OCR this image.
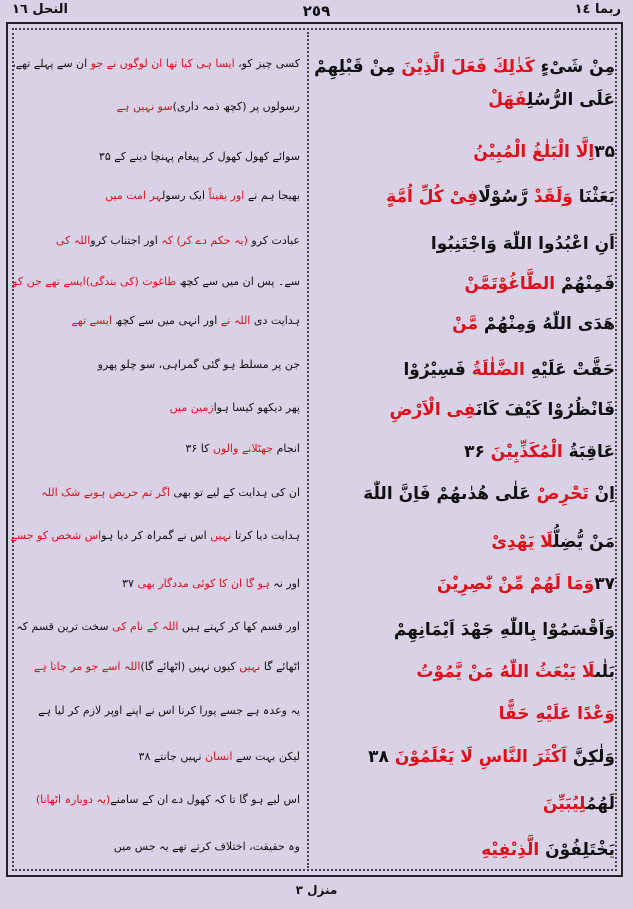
ربما ١٤
٢٥٩
النحل ١٦
مِنْ شَىْءٍ كَذٰلِكَ فَعَلَ الَّذِيْنَ مِنْ قَبْلِهِمْ
عَلَى الرُّسُلِفَهَلْ
۳۵اِلَّا الْبَلٰغُ الْمُبِيْنُ
بَعَثْنَا وَلَقَدْ رَّسُوْلًافِىْ كُلِّ اُمَّةٍ
اَنِ اعْبُدُوا اللّٰهَ وَاجْتَنِبُوا
فَمِنْهُمْ الطَّاغُوْتَمَّنْ
هَدَى اللّٰهُ وَمِنْهُمْ مَّنْ
حَقَّتْ عَلَيْهِ الضَّلٰلَةُ فَسِيْرُوْا
فَانْظُرُوْا كَيْفَ كَانَفِى الْاَرْضِ
عَاقِبَةُ الْمُكَذِّبِيْنَ ۳۶
اِنْ تَحْرِصْ عَلٰى هُدٰىهُمْ فَاِنَّ اللّٰهَ
مَنْ يُّضِلُّلَا يَهْدِىْ
۳۷وَمَا لَهُمْ مِّنْ نّٰصِرِيْنَ
وَاَقْسَمُوْا بِاللّٰهِ جَهْدَ اَيْمَانِهِمْ
بَلٰىلَا يَبْعَثُ اللّٰهُ مَنْ يَّمُوْتُ
وَعْدًا عَلَيْهِ حَقًّا
وَلٰكِنَّ اَكْثَرَ النَّاسِ لَا يَعْلَمُوْنَ ۳۸
لَهُمُلِيُبَيِّنَ
يَخْتَلِفُوْنَ الَّذِىْفِيْهِ
کسی چیز کو، ایسا ہی کیا تھا ان لوگوں نے جو ان سے پہلے تھے،
رسولوں پر (کچھ ذمہ داری)سو نہیں ہے
سوائے کھول کھول کر پیغام پہنچا دینے کے ۳۵
بھیجا ہم نے اور یقیناً ایک رسولہر امت میں
عبادت کرو (یہ حکم دے کر) کہ اور اجتناب کرواللہ کی
سے۔ پس ان میں سے کچھ طاغوت (کی بندگی)ایسے تھے جن کو
ہدایت دی اللہ نے اور انہی میں سے کچھ ایسے تھے
جن پر مسلط ہو گئی گمراہی، سو چلو پھرو
پھر دیکھو کیسا ہوازمین میں
انجام جھٹلانے والوں کا ۳۶
ان کی ہدایت کے لیے تو بھی اگر تم حریص ہوبے شک اللہ
ہدایت دیا کرتا نہیں اس نے گمراہ کر دیا ہواس شخص کو جسے
اور نہ ہو گا ان کا کوئی مددگار بھی ۳۷
اور قسم کھا کر کہتے ہیں اللہ کے نام کی سخت ترین قسم کہ
اٹھائے گا نہیں کیوں نہیں (اٹھائے گا)اللہ اسے جو مر جاتا ہے
یہ وعدہ ہے جسے پورا کرنا اس نے اپنے اوپر لازم کر لیا ہے
لیکن بہت سے انسان نہیں جانتے ۳۸
اس لیے ہو گا تا کہ کھول دے ان کے سامنے(یہ دوبارہ اٹھانا)
وہ حقیقت، اختلاف کرتے تھے یہ جس میں
منزل ٣
